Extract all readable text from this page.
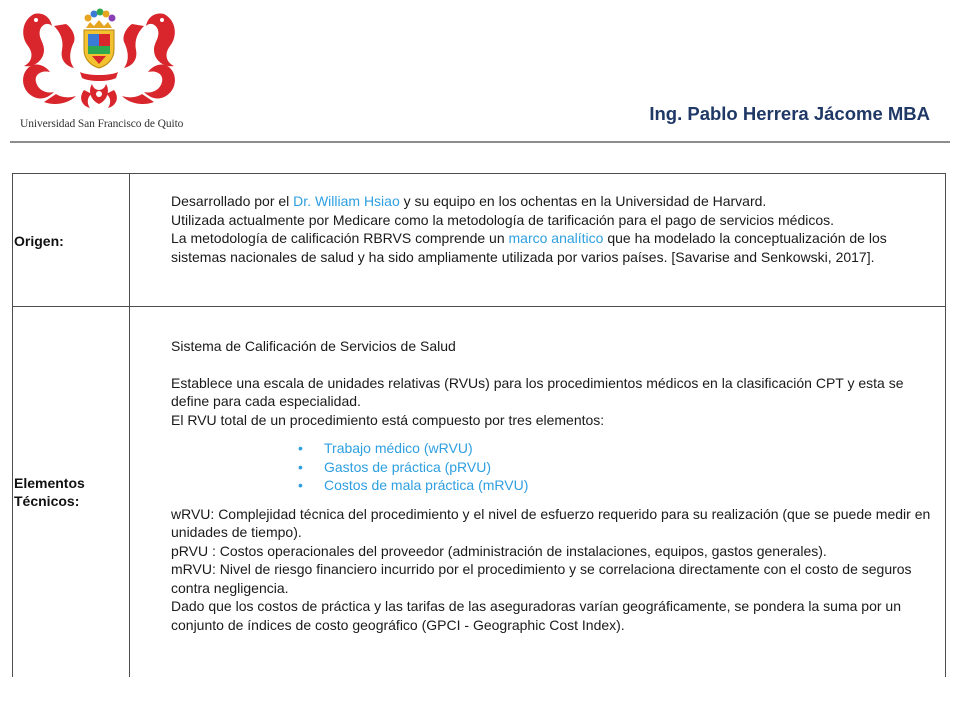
Universidad San Francisco de Quito	Ing. Pablo Herrera Jácome MBA
Origen:

Desarrollado por el Dr. William Hsiao y su equipo en los ochentas en la Universidad de Harvard.

Utilizada actualmente por Medicare como la metodología de tarificación para el pago de servicios médicos.

La metodología de calificación RBRVS comprende un marco analítico que ha modelado la conceptualización de los sistemas nacionales de salud y ha sido ampliamente utilizada por varios países. [Savarise and Senkowski, 2017].

Elementos
Técnicos:

Sistema de Calificación de Servicios de Salud

Establece una escala de unidades relativas (RVUs) para los procedimientos médicos en la clasificación CPT y esta se define para cada especialidad.

El RVU total de un procedimiento está compuesto por tres elementos:

• Trabajo médico (wRVU)
• Gastos de práctica (pRVU)
• Costos de mala práctica (mRVU)

wRVU: Complejidad técnica del procedimiento y el nivel de esfuerzo requerido para su realización (que se puede medir en unidades de tiempo).

pRVU : Costos operacionales del proveedor (administración de instalaciones, equipos, gastos generales).

mRVU: Nivel de riesgo financiero incurrido por el procedimiento y se correlaciona directamente con el costo de seguros contra negligencia.

Dado que los costos de práctica y las tarifas de las aseguradoras varían geográficamente, se pondera la suma por un conjunto de índices de costo geográfico (GPCI - Geographic Cost Index).
